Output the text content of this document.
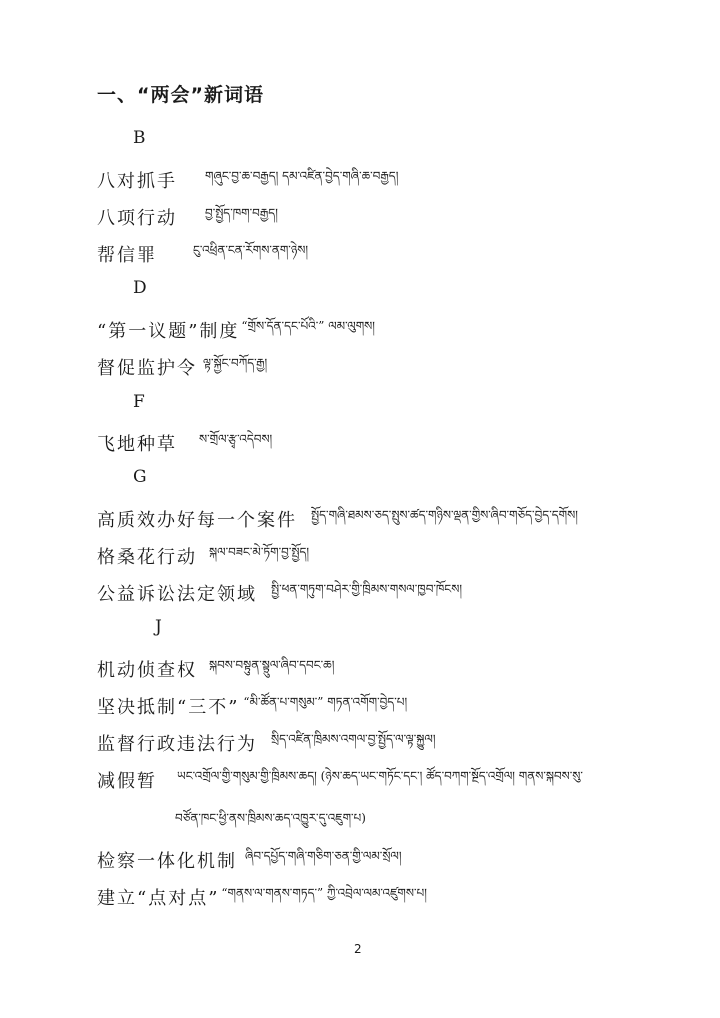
一、“两会”新词语
B
八对抓手 གཞུང་བྱ་ཆ་བརྒྱད། དམ་འཛིན་བྱེད་གཞི་ཆ་བརྒྱད།
八项行动 བྱ་སྤྱོད་ཁག་བརྒྱད།
帮信罪	ངུ་འཕྲིན་ངན་རོགས་ནག་ཉེས།
D
“第一议题”制度 “གྲོས་དོན་དང་པོའི་” ལམ་ལུགས།
督促监护令 ལྟ་སྐྱོང་བཀོད་རྒྱ།
F
飞地种草 ས་གྲོལ་རྩྭ་འདེབས།
G
高质效办好每一个案件 སྤྱོད་གཞི་ཐམས་ཅད་སྤུས་ཚད་གཉིས་ལྡན་གྱིས་ཞིབ་གཅོད་བྱེད་དགོས།
格桑花行动 སྐལ་བཟང་མེ་ཏོག་བྱ་སྤྱོད།
公益诉讼法定领域 སྤྱི་ཕན་གཏུག་བཤེར་གྱི་ཁྲིམས་གསལ་ཁྱབ་ཁོངས།
J
机动侦查权 སྐབས་བསྟུན་སྟྲུལ་ཞིབ་དབང་ཆ།
坚决抵制“三不” “མི་ཚོན་པ་གསུམ་” གཏན་འགོག་བྱེད་པ།
监督行政违法行为 སྲིད་འཛིན་ཁྲིམས་འགལ་བྱ་སྤྱོད་ལ་ལྟ་སྐྱུལ།
减假暂 ཡང་འགྲོལ་གྱི་གསུམ་གྱི་ཁྲིམས་ཆད། (ཉེས་ཆད་ཡང་གཏོང་དང་། ཚོད་བཀག་སྔོད་འགྲོལ། གནས་སྐབས་སུ་
བཙོན་ཁང་ཕྱི་ནས་ཁྲིམས་ཆད་འཁྱུར་དུ་འཇུག་པ)
检察一体化机制 ཞིབ་དཔྱོད་གཞི་གཅིག་ཅན་གྱི་ལམ་སྲོལ།
建立“点对点” “གནས་ལ་གནས་གཏད་” ཀྱི་འབྲེལ་ལམ་འཛུགས་པ།
2
